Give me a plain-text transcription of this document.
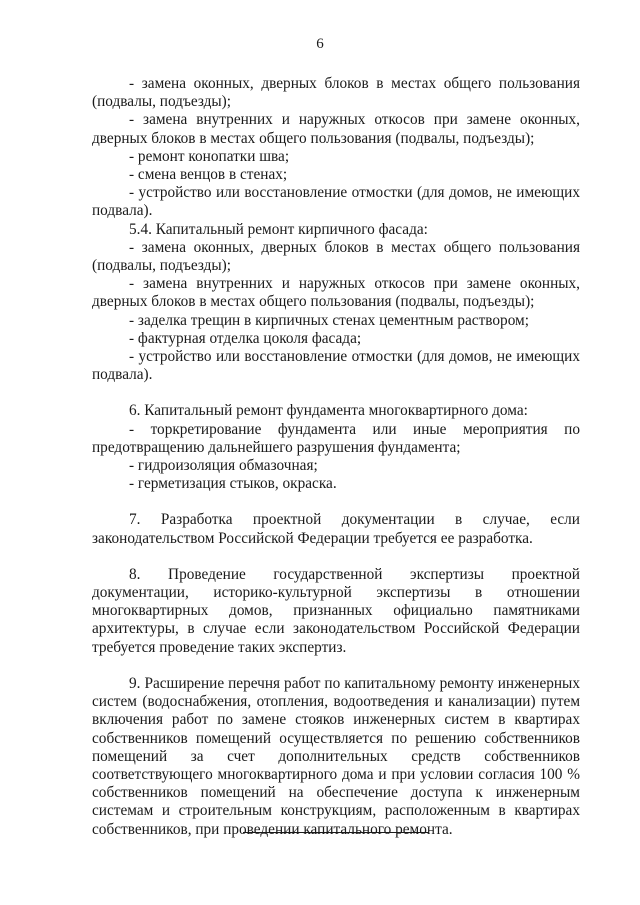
6

- замена оконных, дверных блоков в местах общего пользования (подвалы, подъезды);

- замена внутренних и наружных откосов при замене оконных, дверных блоков в местах общего пользования (подвалы, подъезды);

- ремонт конопатки шва;

- смена венцов в стенах;

- устройство или восстановление отмостки (для домов, не имеющих подвала).

5.4. Капитальный ремонт кирпичного фасада:

- замена оконных, дверных блоков в местах общего пользования (подвалы, подъезды);

- замена внутренних и наружных откосов при замене оконных, дверных блоков в местах общего пользования (подвалы, подъезды);

- заделка трещин в кирпичных стенах цементным раствором;

- фактурная отделка цоколя фасада;

- устройство или восстановление отмостки (для домов, не имеющих подвала).

6. Капитальный ремонт фундамента многоквартирного дома:

- торкретирование фундамента или иные мероприятия по предотвращению дальнейшего разрушения фундамента;

- гидроизоляция обмазочная;

- герметизация стыков, окраска.

7. Разработка проектной документации в случае, если законодательством Российской Федерации требуется ее разработка.

8. Проведение государственной экспертизы проектной документации, историко-культурной экспертизы в отношении многоквартирных домов, признанных официально памятниками архитектуры, в случае если законодательством Российской Федерации требуется проведение таких экспертиз.

9. Расширение перечня работ по капитальному ремонту инженерных систем (водоснабжения, отопления, водоотведения и канализации) путем включения работ по замене стояков инженерных систем в квартирах собственников помещений осуществляется по решению собственников помещений за счет дополнительных средств собственников соответствующего многоквартирного дома и при условии согласия 100 % собственников помещений на обеспечение доступа к инженерным системам и строительным конструкциям, расположенным в квартирах собственников, при проведении капитального ремонта.
